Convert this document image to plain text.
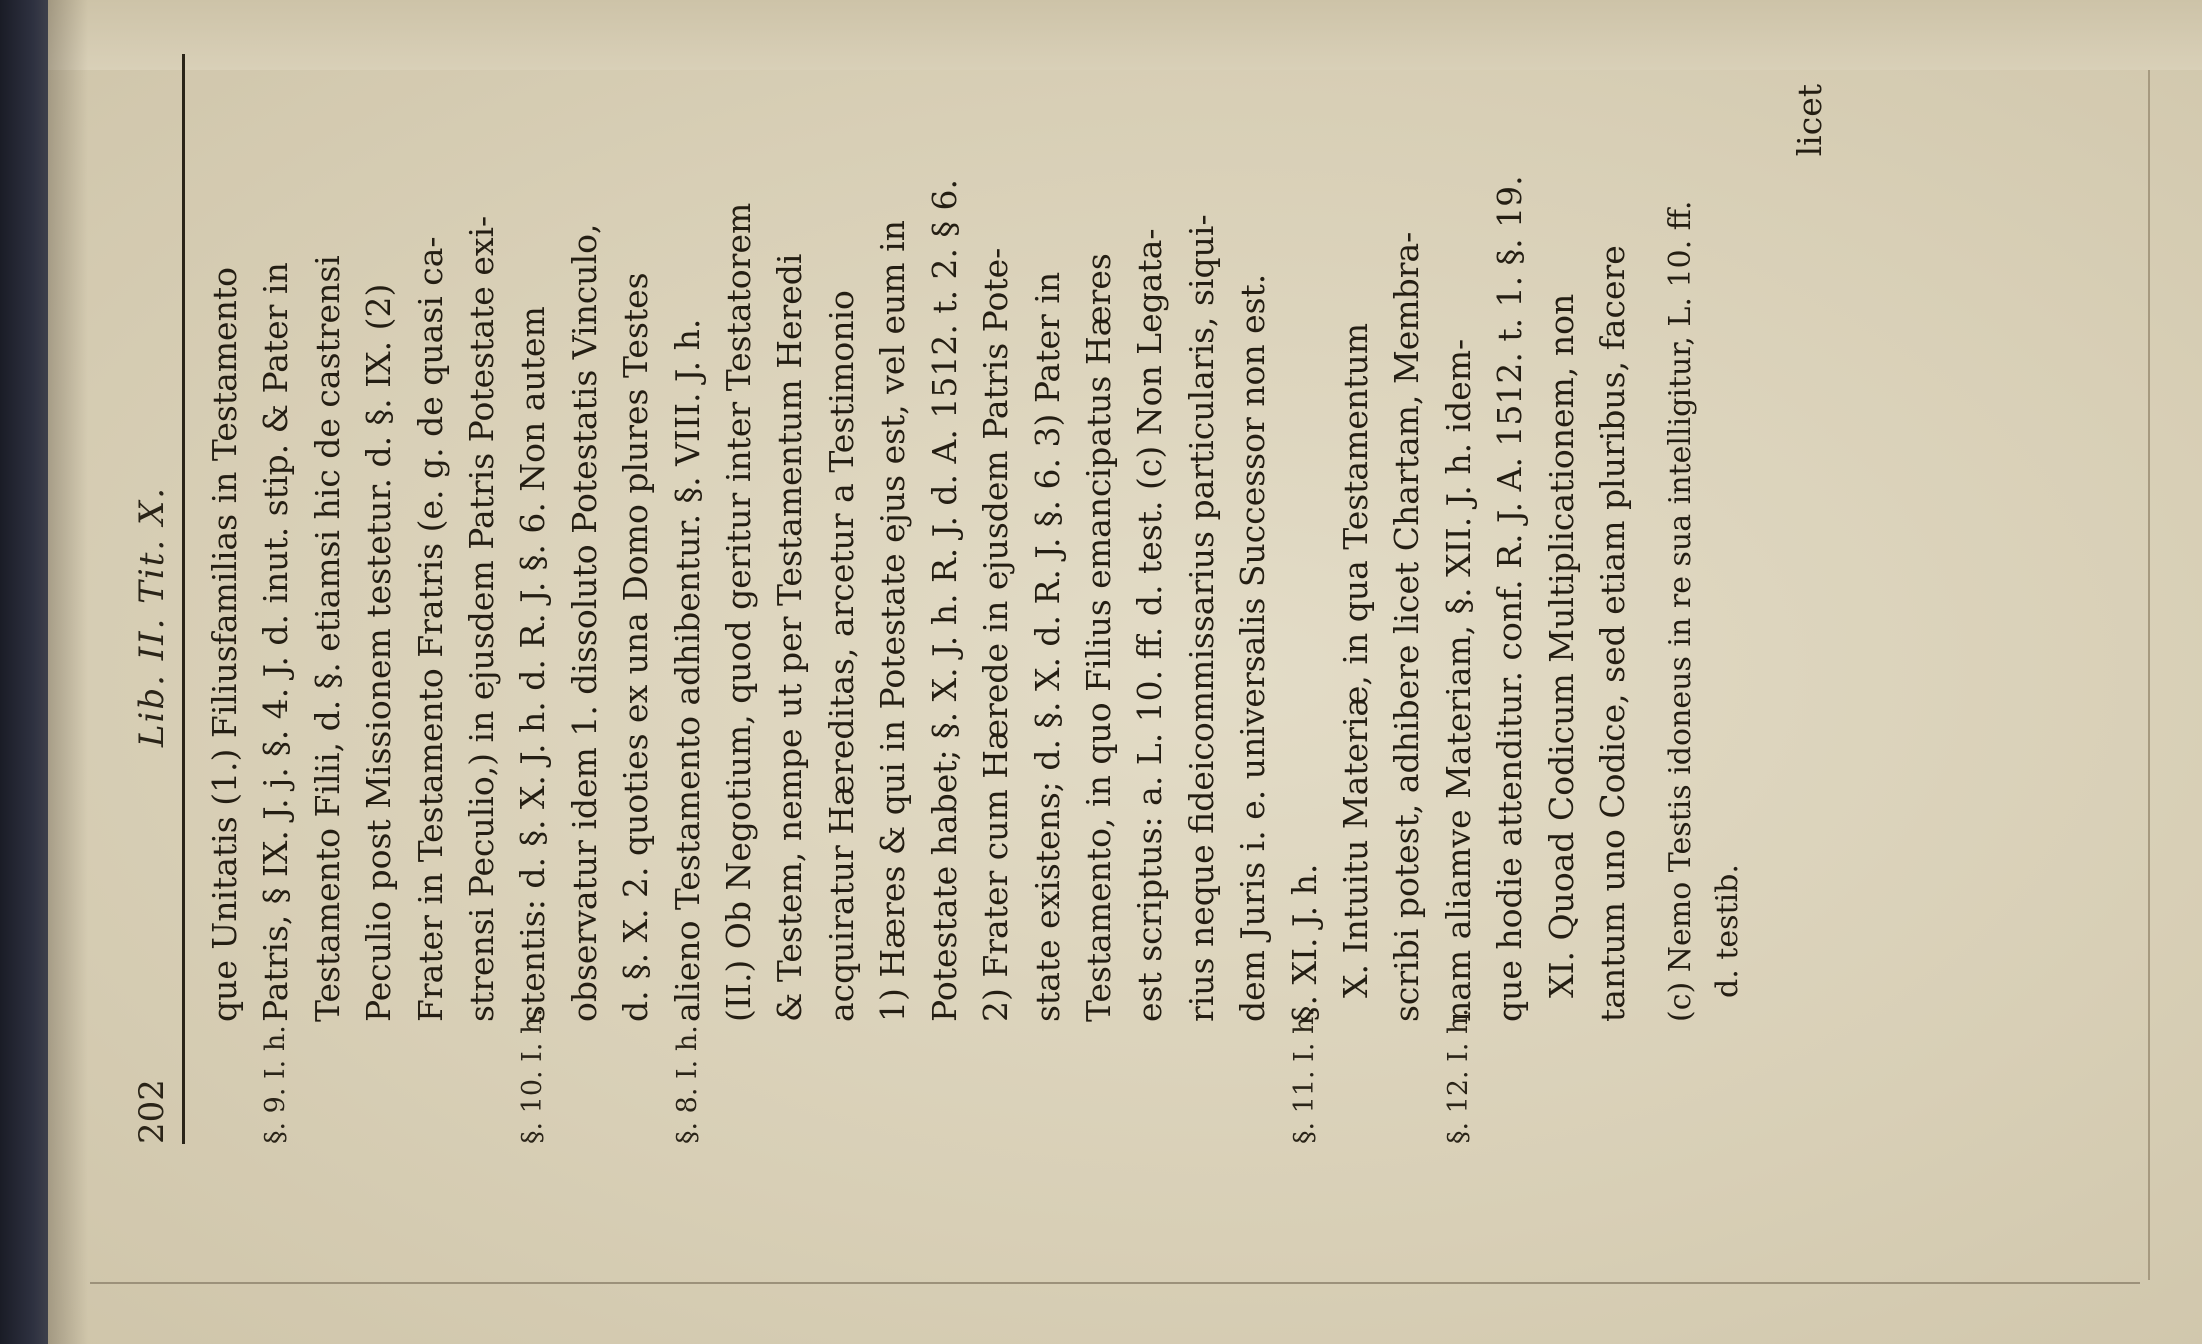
202
Lib. II. Tit. X. que Unitatis (1.) Filiusfamilias in Testamento
§. 9. I. h.
Patris, § IX. J. j. §. 4. J. d. inut. stip. & Pater in Testamento Filii, d. §. etiamsi hic de castrensi Peculio post Missionem testetur. d. §. IX. (2) Frater in Testamento Fratris (e. g. de quasi ca- strensi Peculio,) in ejusdem Patris Potestate exi-
§. 10. I. h.
stentis: d. §. X. J. h. d. R. J. §. 6. Non autem observatur idem 1. dissoluto Potestatis Vinculo, d. §. X. 2. quoties ex una Domo plures Testes
§. 8. I. h.
alieno Testamento adhibentur. §. VIII. J. h. (II.) Ob Negotium, quod geritur inter Testatorem & Testem, nempe ut per Testamentum Heredi acquiratur Hæreditas, arcetur a Testimonio 1) Hæres & qui in Potestate ejus est, vel eum in Potestate habet; §. X. J. h. R. J. d. A. 1512. t. 2. § 6. 2) Frater cum Hærede in ejusdem Patris Pote- state existens; d. §. X. d. R. J. §. 6. 3) Pater in Testamento, in quo Filius emancipatus Hæres est scriptus: a. L. 10. ff. d. test. (c) Non Legata- rius neque fideicommissarius particularis, siqui- dem Juris i. e. universalis Successor non est.
§. 11. I. h.
§. XI. J. h. X. Intuitu Materiæ, in qua Testamentum scribi potest, adhibere licet Chartam, Membra-
§. 12. I. h.
nam aliamve Materiam, §. XII. J. h. idem- que hodie attenditur. conf. R. J. A. 1512. t. 1. §. 19. XI. Quoad Codicum Multiplicationem, non tantum uno Codice, sed etiam pluribus, facere (c) Nemo Testis idoneus in re sua intelligitur, L. 10. ff. d. testib.
licet
